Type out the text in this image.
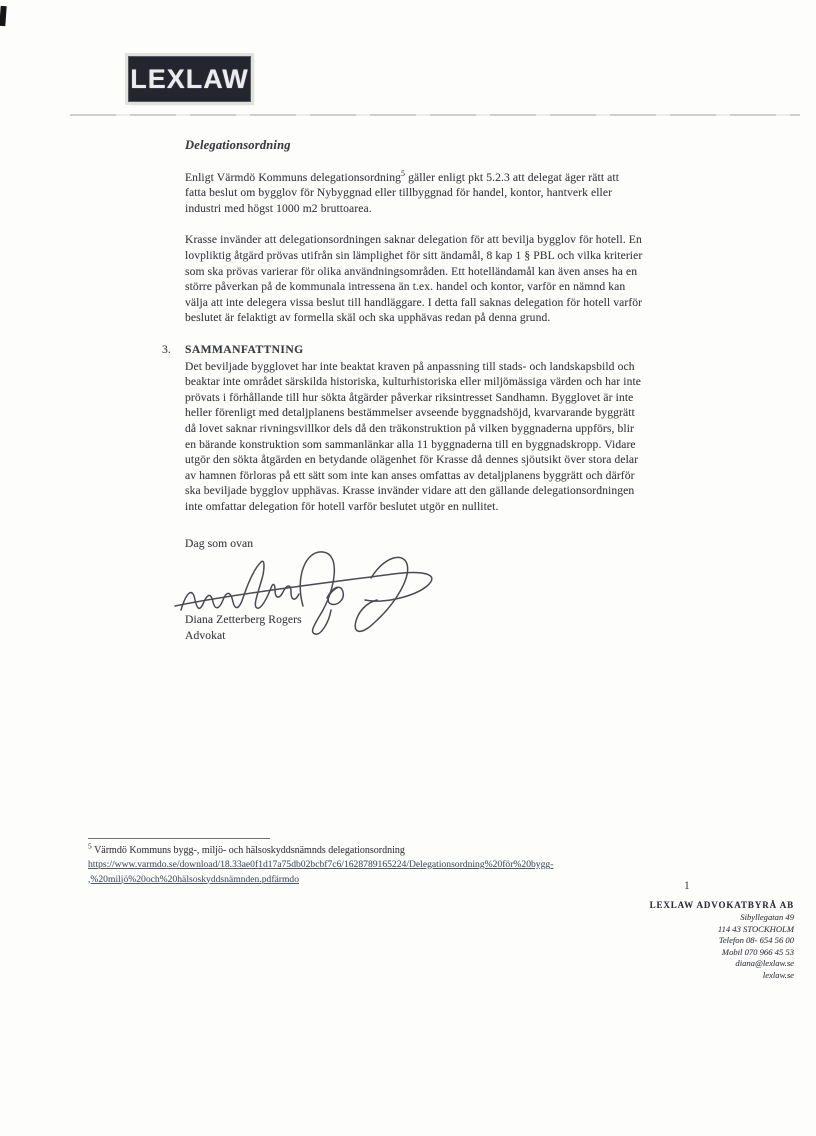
LEXLAW
Delegationsordning

Enligt Värmdö Kommuns delegationsordning$^5$ gäller enligt pkt 5.2.3 att delegat äger rätt att fatta beslut om bygglov för Nybyggnad eller tillbyggnad för handel, kontor, hantverk eller industri med högst 1000 m2 bruttoarea.

Krasse invänder att delegationsordningen saknar delegation för att bevilja bygglov för hotell. En lovpliktig åtgärd prövas utifrån sin lämplighet för sitt ändamål, 8 kap 1 § PBL och vilka kriterier som ska prövas varierar för olika användningsområden. Ett hotelländamål kan även anses ha en större påverkan på de kommunala intressena än t.ex. handel och kontor, varför en nämnd kan välja att inte delegera vissa beslut till handläggare. I detta fall saknas delegation för hotell varför beslutet är felaktigt av formella skäl och ska upphävas redan på denna grund.

3.	SAMMANFATTNING

Det beviljade bygglovet har inte beaktat kraven på anpassning till stads- och landskapsbild och beaktar inte området särskilda historiska, kulturhistoriska eller miljömässiga värden och har inte prövats i förhållande till hur sökta åtgärder påverkar riksintresset Sandhamn. Bygglovet är inte heller förenligt med detaljplanens bestämmelser avseende byggnadshöjd, kvarvarande byggrätt då lovet saknar rivningsvillkor dels då den träkonstruktion på vilken byggnaderna uppförs, blir en bärande konstruktion som sammanlänkar alla 11 byggnaderna till en byggnadskropp. Vidare utgör den sökta åtgärden en betydande olägenhet för Krasse då dennes sjöutsikt över stora delar av hamnen förloras på ett sätt som inte kan anses omfattas av detaljplanens byggrätt och därför ska beviljade bygglov upphävas. Krasse invänder vidare att den gällande delegationsordningen inte omfattar delegation för hotell varför beslutet utgör en nullitet.

Dag som ovan

Diana Zetterberg Rogers
Advokat
$^5$ Värmdö Kommuns bygg-, miljö- och hälsoskyddsnämnds delegationsordning
https://www.varmdo.se/download/18.33ae0f1d17a75db02bcbf7c6/1628789165224/Delegationsordning%20för%20bygg-
,%20miljö%20och%20hälsoskyddsnämnden.pdfärmdo
1
LEXLAW ADVOKATBYRÅ AB
Sibyllegatan 49
114 43 STOCKHOLM
Telefon 08- 654 56 00
Mobil 070 966 45 53
diana@lexlaw.se
lexlaw.se
